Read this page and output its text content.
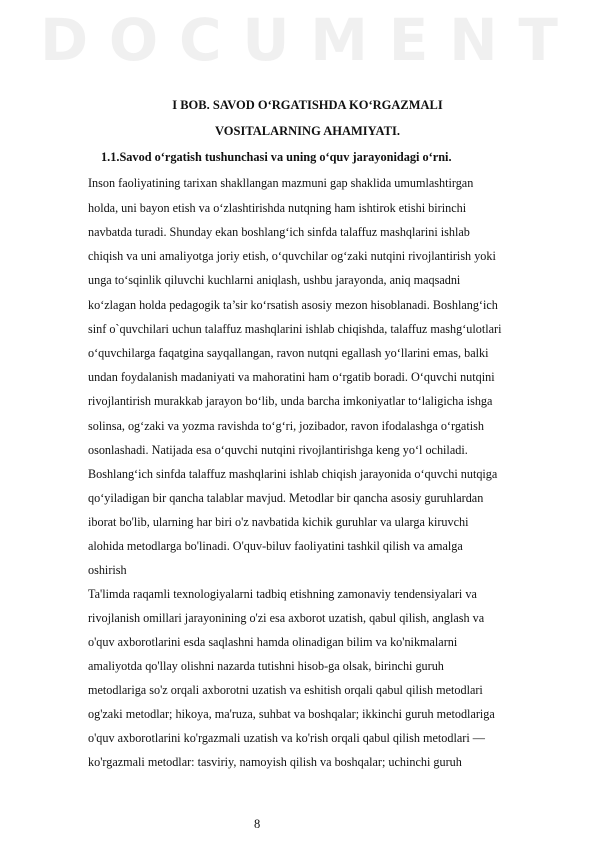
D O C U M E N T
I BOB. SAVOD O‘RGATISHDA KO‘RGAZMALI
VOSITALARNING AHAMIYATI.
1.1.Savod o‘rgatish tushunchasi va uning o‘quv jarayonidagi o‘rni.
Inson faoliyatining tarixan shakllangan mazmuni gap shaklida umumlashtirgan
holda, uni bayon etish va o‘zlashtirishda nutqning ham ishtirok etishi birinchi
navbatda turadi. Shunday ekan boshlang‘ich sinfda talaffuz mashqlarini ishlab
chiqish va uni amaliyotga joriy etish, o‘quvchilar og‘zaki nutqini rivojlantirish yoki
unga to‘sqinlik qiluvchi kuchlarni aniqlash, ushbu jarayonda, aniq maqsadni
ko‘zlagan holda pedagogik ta’sir ko‘rsatish asosiy mezon hisoblanadi. Boshlang‘ich
sinf o`quvchilari uchun talaffuz mashqlarini ishlab chiqishda, talaffuz mashg‘ulotlari
o‘quvchilarga faqatgina sayqallangan, ravon nutqni egallash yo‘llarini emas, balki
undan foydalanish madaniyati va mahoratini ham o‘rgatib boradi. O‘quvchi nutqini
rivojlantirish murakkab jarayon bo‘lib, unda barcha imkoniyatlar to‘laligicha ishga
solinsa, og‘zaki va yozma ravishda to‘g‘ri, jozibador, ravon ifodalashga o‘rgatish
osonlashadi. Natijada esa o‘quvchi nutqini rivojlantirishga keng yo‘l ochiladi.
Boshlang‘ich sinfda talaffuz mashqlarini ishlab chiqish jarayonida o‘quvchi nutqiga
qo‘yiladigan bir qancha talablar mavjud. Metodlar bir qancha asosiy guruhlardan
iborat bo'lib, ularning har biri o'z navbatida kichik guruhlar va ularga kiruvchi
alohida metodlarga bo'linadi. O'quv-biluv faoliyatini tashkil qilish va amalga
oshirish
Ta'limda raqamli texnologiyalarni tadbiq etishning zamonaviy tendensiyalari va
rivojlanish omillari jarayonining o'zi esa axborot uzatish, qabul qilish, anglash va
o'quv axborotlarini esda saqlashni hamda olinadigan bilim va ko'nikmalarni
amaliyotda qo'llay olishni nazarda tutishni hisob-ga olsak, birinchi guruh
metodlariga so'z orqali axborotni uzatish va eshitish orqali qabul qilish metodlari
og'zaki metodlar; hikoya, ma'ruza, suhbat va boshqalar; ikkinchi guruh metodlariga
o'quv axborotlarini ko'rgazmali uzatish va ko'rish orqali qabul qilish metodlari —
ko'rgazmali metodlar: tasviriy, namoyish qilish va boshqalar; uchinchi guruh
8
